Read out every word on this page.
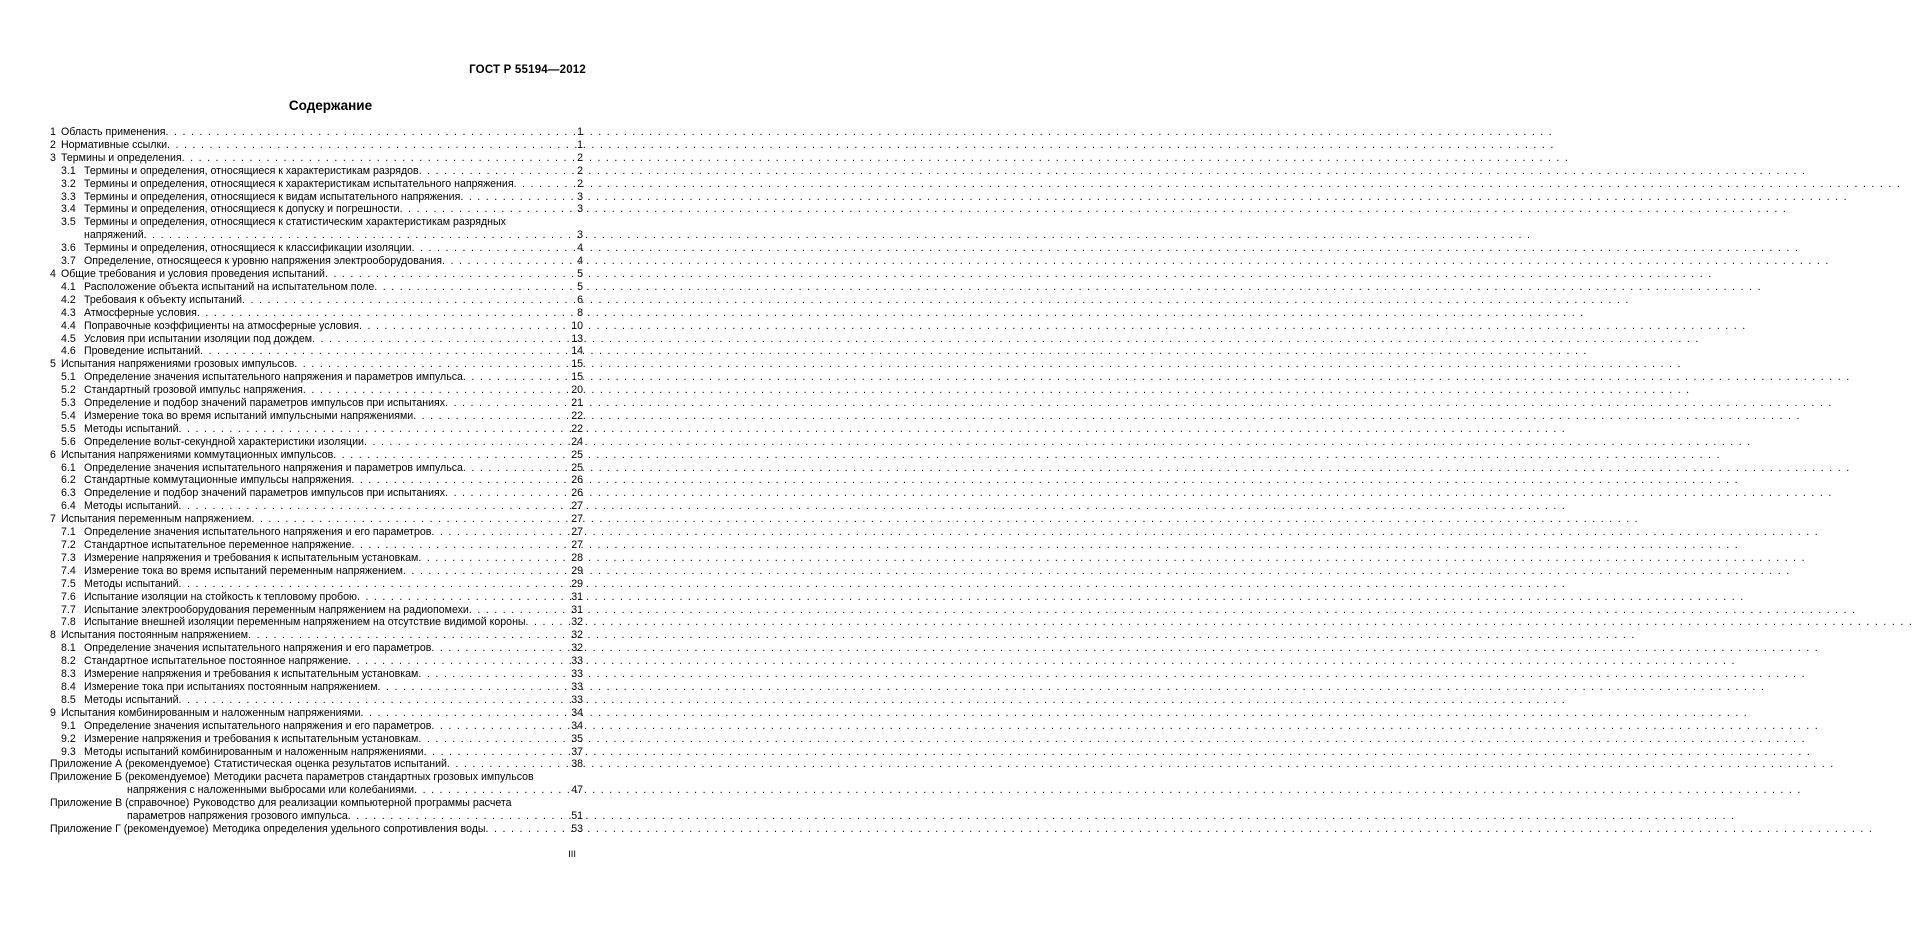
ГОСТ Р 55194—2012
Содержание
1 Область применения . . .	1
2 Нормативные ссылки . . .	1
3 Термины и определения . . .	2
3.1 Термины и определения, относящиеся к характеристикам разрядов . . .	2
3.2 Термины и определения, относящиеся к характеристикам испытательного напряжения . . .	2
3.3 Термины и определения, относящиеся к видам испытательного напряжения . . .	3
3.4 Термины и определения, относящиеся к допуску и погрешности . . .	3
3.5 Термины и определения, относящиеся к статистическим характеристикам разрядных
напряжений . . .	3
3.6 Термины и определения, относящиеся к классификации изоляции . . .	4
3.7 Определение, относящееся к уровню напряжения электрооборудования . . .	4
4 Общие требования и условия проведения испытаний . . .	5
4.1 Расположение объекта испытаний на испытательном поле . . .	5
4.2 Требоваия к объекту испытаний . . .	6
4.3 Атмосферные условия . . .	8
4.4 Поправочные коэффициенты на атмосферные условия . . .	10
4.5 Условия при испытании изоляции под дождем . . .	13
4.6 Проведение испытаний . . .	14
5 Испытания напряжениями грозовых импульсов . . .	15
5.1 Определение значения испытательного напряжения и параметров импульса . . .	15
5.2 Стандартный грозовой импульс напряжения . . .	20
5.3 Определение и подбор значений параметров импульсов при испытаниях . . .	21
5.4 Измерение тока во время испытаний импульсными напряжениями . . .	22
5.5 Методы испытаний . . .	22
5.6 Определение вольт-секундной характеристики изоляции . . .	24
6 Испытания напряжениями коммутационных импульсов . . .	25
6.1 Определение значения испытательного напряжения и параметров импульса . . .	25
6.2 Стандартные коммутационные импульсы напряжения . . .	26
6.3 Определение и подбор значений параметров импульсов при испытаниях . . .	26
6.4 Методы испытаний . . .	27
7 Испытания переменным напряжением . . .	27
7.1 Определение значения испытательного напряжения и его параметров . . .	27
7.2 Стандартное испытательное переменное напряжение . . .	27
7.3 Измерение напряжения и требования к испытательным установкам . . .	28
7.4 Измерение тока во время испытаний переменным напряжением . . .	29
7.5 Методы испытаний . . .	29
7.6 Испытание изоляции на стойкость к тепловому пробою . . .	31
7.7 Испытание электрооборудования переменным напряжением на радиопомехи . . .	31
7.8 Испытание внешней изоляции переменным напряжением на отсутствие видимой короны . . .	32
8 Испытания постоянным напряжением . . .	32
8.1 Определение значения испытательного напряжения и его параметров . . .	32
8.2 Стандартное испытательное постоянное напряжение . . .	33
8.3 Измерение напряжения и требования к испытательным установкам . . .	33
8.4 Измерение тока при испытаниях постоянным напряжением . . .	33
8.5 Методы испытаний . . .	33
9 Испытания комбинированным и наложенным напряжениями . . .	34
9.1 Определение значения испытательного напряжения и его параметров . . .	34
9.2 Измерение напряжения и требования к испытательным установкам . . .	35
9.3 Методы испытаний комбинированным и наложенным напряжениями . . .	37
Приложение А (рекомендуемое) Статистическая оценка результатов испытаний . . .	38
Приложение Б (рекомендуемое) Методики расчета параметров стандартных грозовых импульсов
напряжения с наложенными выбросами или колебаниями . . .	47
Приложение В (справочное) Руководство для реализации компьютерной программы расчета
параметров напряжения грозового импульса . . .	51
Приложение Г (рекомендуемое) Методика определения удельного сопротивления воды . . .	53
III
